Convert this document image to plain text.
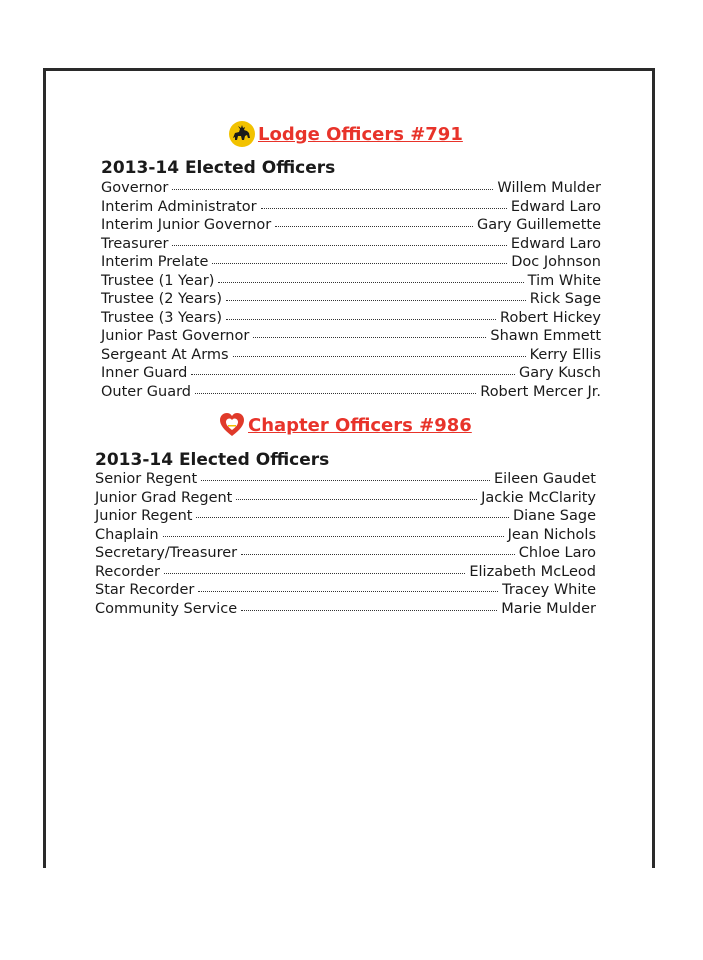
Lodge Officers #791
2013-14 Elected Officers
Governor	Willem Mulder
Interim Administrator	Edward Laro
Interim Junior Governor	Gary Guillemette
Treasurer	Edward Laro
Interim Prelate	Doc Johnson
Trustee (1 Year)	Tim White
Trustee (2 Years)	Rick Sage
Trustee (3 Years)	Robert Hickey
Junior Past Governor	Shawn Emmett
Sergeant At Arms	Kerry Ellis
Inner Guard	Gary Kusch
Outer Guard	Robert Mercer Jr.
Chapter Officers #986
2013-14 Elected Officers
Senior Regent	Eileen Gaudet
Junior Grad Regent	Jackie McClarity
Junior Regent	Diane Sage
Chaplain	Jean Nichols
Secretary/Treasurer	Chloe Laro
Recorder	Elizabeth McLeod
Star Recorder	Tracey White
Community Service	Marie Mulder
